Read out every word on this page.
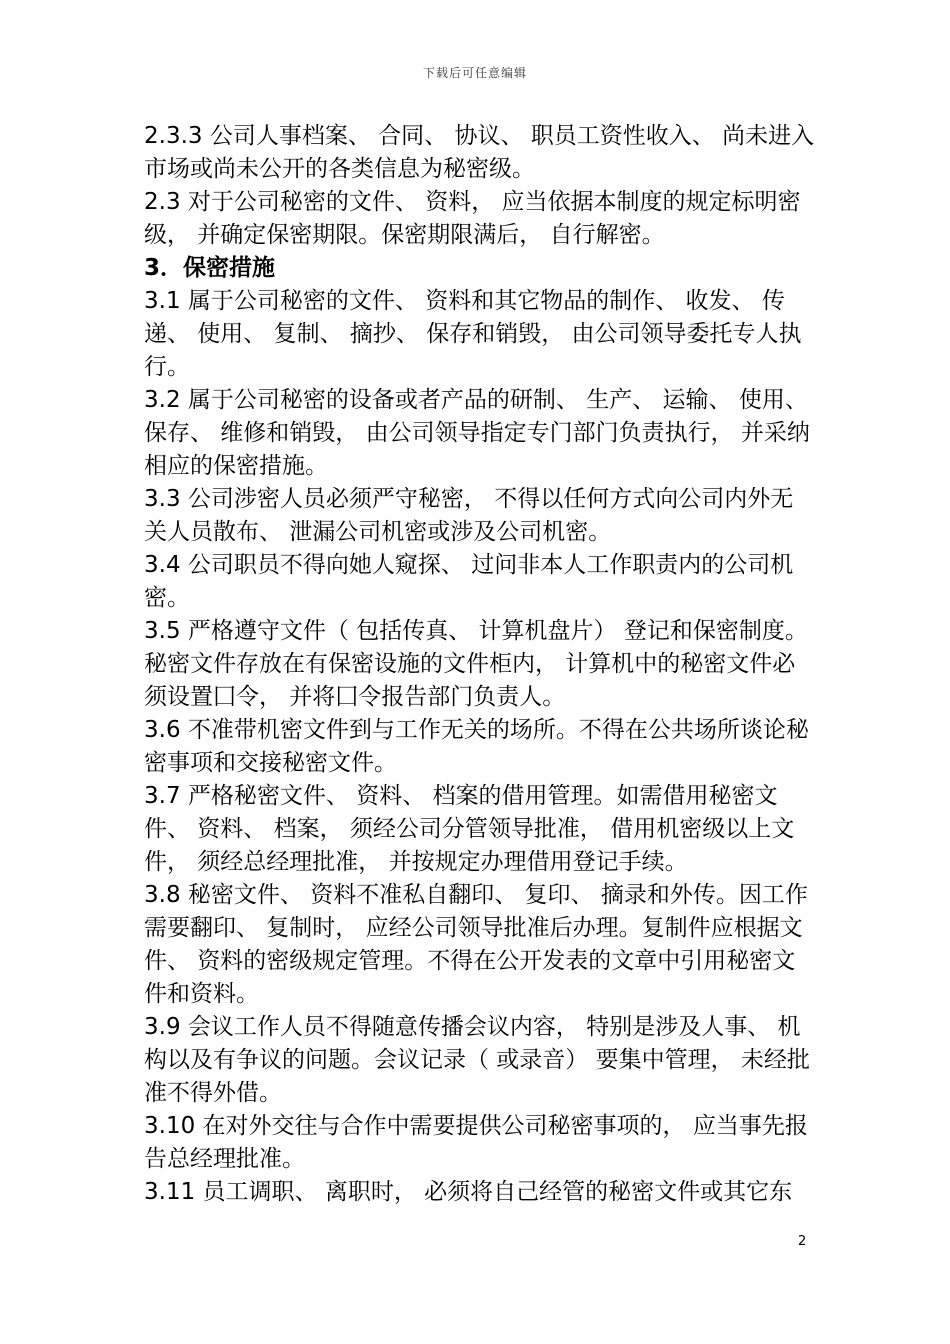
下载后可任意编辑

2.3.3 公司人事档案、 合同、 协议、 职员工资性收入、 尚未进入市场或尚未公开的各类信息为秘密级。

2.3 对于公司秘密的文件、 资料， 应当依据本制度的规定标明密级， 并确定保密期限。保密期限满后， 自行解密。

3．保密措施

3.1 属于公司秘密的文件、 资料和其它物品的制作、 收发、 传递、 使用、 复制、 摘抄、 保存和销毁， 由公司领导委托专人执行。

3.2 属于公司秘密的设备或者产品的研制、 生产、 运输、 使用、 保存、 维修和销毁， 由公司领导指定专门部门负责执行， 并采纳相应的保密措施。

3.3 公司涉密人员必须严守秘密， 不得以任何方式向公司内外无关人员散布、 泄漏公司机密或涉及公司机密。

3.4 公司职员不得向她人窥探、 过问非本人工作职责内的公司机密。

3.5 严格遵守文件（ 包括传真、 计算机盘片） 登记和保密制度。秘密文件存放在有保密设施的文件柜内， 计算机中的秘密文件必须设置囗令， 并将囗令报告部门负责人。

3.6 不准带机密文件到与工作无关的场所。不得在公共场所谈论秘密事项和交接秘密文件。

3.7 严格秘密文件、 资料、 档案的借用管理。如需借用秘密文件、 资料、 档案， 须经公司分管领导批准， 借用机密级以上文件， 须经总经理批准， 并按规定办理借用登记手续。

3.8 秘密文件、 资料不准私自翻印、 复印、 摘录和外传。因工作需要翻印、 复制时， 应经公司领导批准后办理。复制件应根据文件、 资料的密级规定管理。不得在公开发表的文章中引用秘密文件和资料。

3.9 会议工作人员不得随意传播会议内容， 特别是涉及人事、 机构以及有争议的问题。会议记录（ 或录音） 要集中管理， 未经批准不得外借。

3.10 在对外交往与合作中需要提供公司秘密事项的， 应当事先报告总经理批准。

3.11 员工调职、 离职时， 必须将自己经管的秘密文件或其它东

2
